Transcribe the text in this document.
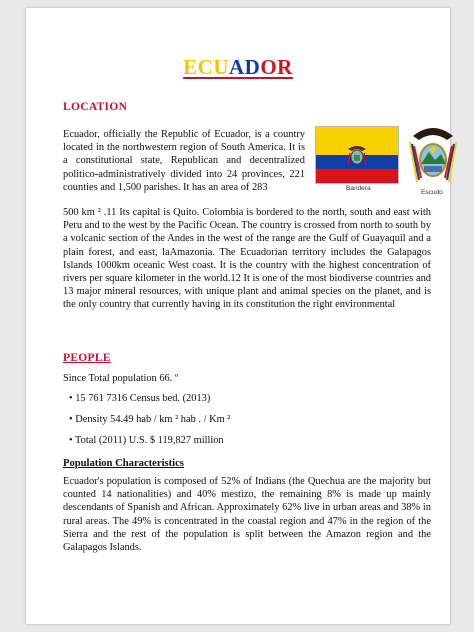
ECUADOR
LOCATION

Ecuador, officially the Republic of Ecuador, is a country located in the northwestern region of South America. It is a constitutional state, Republican and decentralized politico-administratively divided into 24 provinces, 221 counties and 1,500 parishes. It has an area of 283	Bandera
Escudo

500 km ² .11 Its capital is Quito. Colombia is bordered to the north, south and east with Peru and to the west by the Pacific Ocean. The country is crossed from north to south by a volcanic section of the Andes in the west of the range are the Gulf of Guayaquil and a plain forest, and east, laAmazonia. The Ecuadorian territory includes the Galapagos Islands 1000km oceanic West coast. It is the country with the highest concentration of rivers per square kilometer in the world.12 It is one of the most biodiverse countries and 13 major mineral resources, with unique plant and animal species on the planet, and is the only country that currently having in its constitution the right environmental

PEOPLE
Since Total population 66. º
• 15 761 7316 Census bed. (2013)
• Density 54.49 hab / km ² hab . / Km ²
• Total (2011) U.S. $ 119,827 million
Population Characteristics

Ecuador's population is composed of 52% of Indians (the Quechua are the majority but counted 14 nationalities) and 40% mestizo, the remaining 8% is made up mainly descendants of Spanish and African. Approximately 62% live in urban areas and 38% in rural areas. The 49% is concentrated in the coastal region and 47% in the region of the Sierra and the rest of the population is split between the Amazon region and the Galapagos Islands.
